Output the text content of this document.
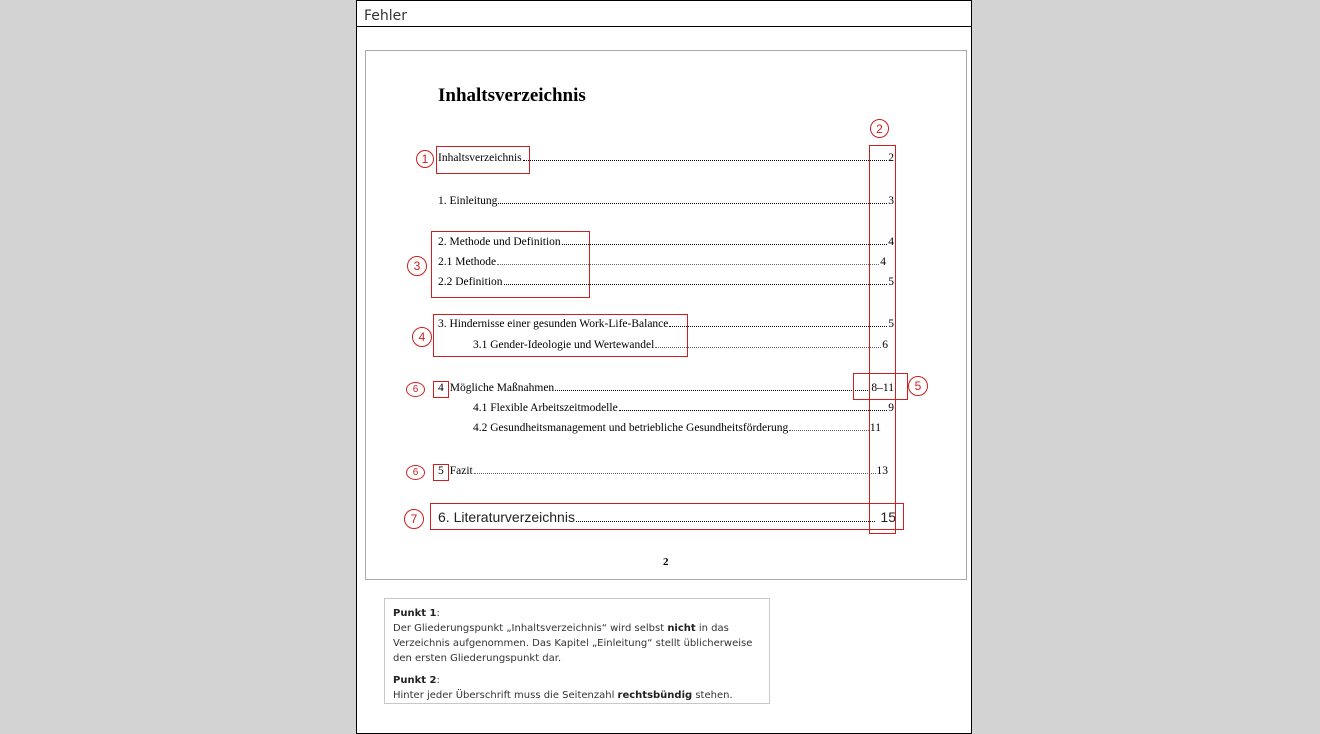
Fehler
Inhaltsverzeichnis
Inhaltsverzeichnis	2
1. Einleitung	3
2. Methode und Definition	4
2.1 Methode	4
2.2 Definition	5
3. Hindernisse einer gesunden Work-Life-Balance	5
3.1 Gender-Ideologie und Wertewandel	6
4 Mögliche Maßnahmen	8–11
4.1 Flexible Arbeitszeitmodelle	9
4.2 Gesundheitsmanagement und betriebliche Gesundheitsförderung	11
5 Fazit	13
6. Literaturverzeichnis	15
2
1
2
3
4
5
6
6
7

Punkt 1:
Der Gliederungspunkt „Inhaltsverzeichnis“ wird selbst nicht in das Verzeichnis aufgenommen. Das Kapitel „Einleitung“ stellt üblicherweise den ersten Gliederungspunkt dar.

Punkt 2:
Hinter jeder Überschrift muss die Seitenzahl rechtsbündig stehen.
